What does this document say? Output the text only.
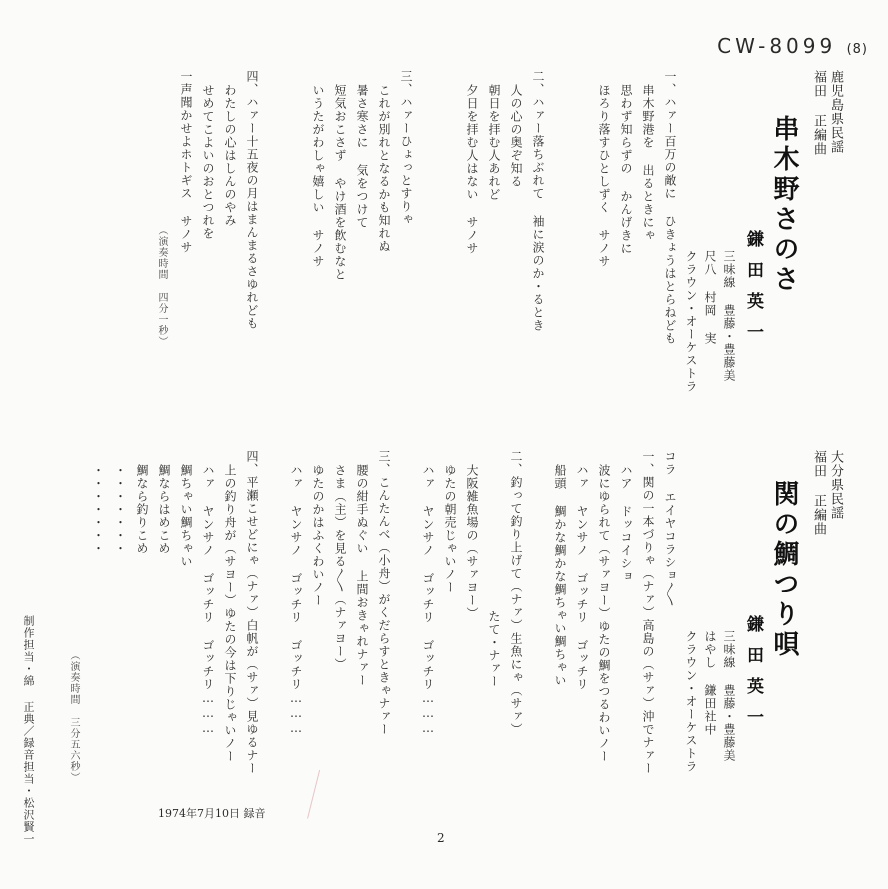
CW-8099 (8)
鹿児島県民謡
福田 正編曲
串木野さのさ
鎌田英一
三味線 豊藤・豊藤美
尺八 村岡 実
クラウン・オーケストラ
一、ハァー百万の敵に ひきょうはとらねども
串木野港を 出るときにゃ
思わず知らずの かんげきに
ほろり落すひとしずく サノサ
二、ハァー落ちぶれて 袖に涙のか・るとき
人の心の奥ぞ知る
朝日を拝む人あれど
夕日を拝む人はない サノサ
三、ハァーひょっとすりゃ
これが別れとなるかも知れぬ
暑さ寒さに 気をつけて
短気おこさず やけ酒を飲むなと
いうたがわしゃ嬉しい サノサ
四、ハァー十五夜の月はまんまるさゆれども
わたしの心はしんのやみ
せめてこよいのおとつれを
一声聞かせよホトギス サノサ
（演奏時間 四分一秒）
大分県民謡
福田 正編曲
関の鯛つり唄
鎌田英一
三味線 豊藤・豊藤美
はやし 鎌田社中
クラウン・オーケストラ
コラ エイヤコラショ〳〵
一、関の一本づりゃ（ナァ）高島の（サァ）沖でナァー
ハア ドッコイショ
波にゆられて（サァヨー）ゆたの鯛をつるわいノー
ハァ ヤンサノ ゴッチリ ゴッチリ
船頭 鯛かな鯛かな鯛ちゃい鯛ちゃい
二、釣って釣り上げて（ナァ）生魚にゃ（サァ）
たて・ナァー
大阪雑魚場の（サァヨー）
ゆたの朝売じゃいノー
ハァ ヤンサノ ゴッチリ ゴッチリ………
三、こんたんべ（小舟）がくだらすときゃナァー
腰の紺手ぬぐい 上間おきゃれナァー
さま（主）を見る〳〵（ナァヨー）
ゆたのかはふくわいノー
ハァ ヤンサノ ゴッチリ ゴッチリ………
四、平瀬こせどにゃ（ナァ）白帆が（サァ）見ゆるナー
上の釣り舟が（サヨー）ゆたの今は下りじゃいノー
ハァ ヤンサノ ゴッチリ ゴッチリ………
鯛ちゃい鯛ちゃい
鯛ならはめこめ
鯛なら釣りこめ
・・・・・・・
・・・・・・・
（演奏時間 三分五六秒）
制作担当・綿 正典／録音担当・松沢賢一	1974年7月10日 録音
2
